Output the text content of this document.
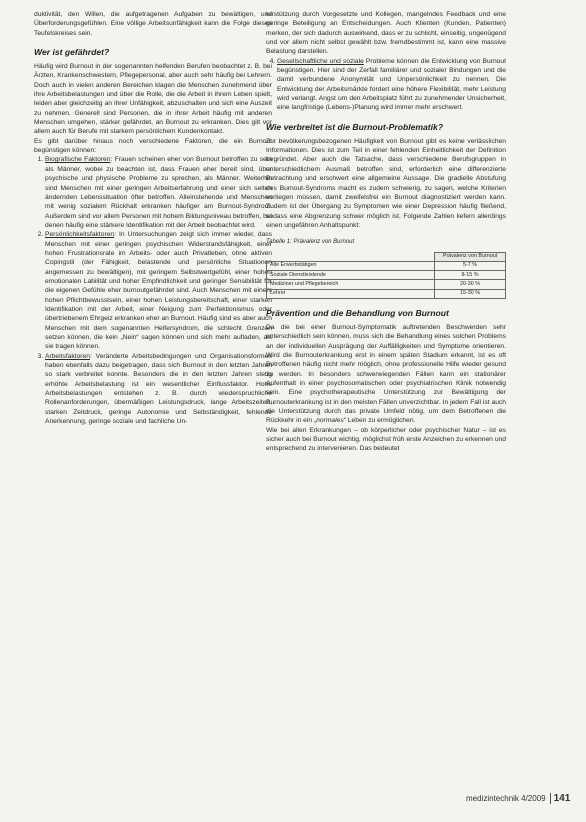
duktivität, den Willen, die aufgetragenen Aufgaben zu bewältigen, und Überforderungsgefühlen. Eine völlige Arbeitsunfähigkeit kann die Folge dieses Teufelskreises sein.

Wer ist gefährdet?

Häufig wird Burnout in der sogenannten helfenden Berufen beobachtet z. B. bei Ärzten, Krankenschwestern, Pflegepersonal, aber auch sehr häufig bei Lehrern. Doch auch in vielen anderen Bereichen klagen die Menschen zunehmend über ihre Arbeitsbelastungen und über die Rolle, die die Arbeit in ihrem Leben spielt, leiden aber gleichzeitig an ihrer Unfähigkeit, abzuschalten und sich eine Auszeit zu nehmen. Generell sind Personen, die in ihrer Arbeit häufig mit anderen Menschen umgehen, stärker gefährdet, an Burnout zu erkranken. Dies gilt vor allem auch für Berufe mit starkem persönlichem Kundenkontakt.

Es gibt darüber hinaus noch verschiedene Faktoren, die ein Burnout begünstigen können:

1. Biografische Faktoren: Frauen scheinen eher von Burnout betroffen zu sein als Männer, wobei zu beachten ist, dass Frauen eher bereit sind, über psychische und physische Probleme zu sprechen, als Männer. Weiterhin sind Menschen mit einer geringen Arbeitserfahrung und einer sich selten ändernden Lebenssituation öfter betroffen. Alleinstehende und Menschen mit wenig sozialem Rückhalt erkranken häufiger am Burnout-Syndrom. Außerdem sind vor allem Personen mit hohem Bildungsniveau betroffen, bei denen häufig eine stärkere Identifikation mit der Arbeit beobachtet wird.
2. Persönlichkeitsfaktoren: In Untersuchungen zeigt sich immer wieder, dass Menschen mit einer geringen psychischen Widerstandsfähigkeit, einer hohen Frustrationsrate im Arbeits- oder auch Privatleben, ohne aktiven Copingstil (der Fähigkeit, belastende und persönliche Situationen angemessen zu bewältigen), mit geringem Selbstwertgefühl, einer hohen emotionalen Labilität und hoher Empfindlichkeit und geringer Sensibilität für die eigenen Gefühle eher burnoutgefährdet sind. Auch Menschen mit einem hohen Pflichtbewusstsein, einer hohen Leistungsbereitschaft, einer starken Identifikation mit der Arbeit, einer Neigung zum Perfektionismus oder übertriebenem Ehrgeiz erkranken eher an Burnout. Häufig sind es aber auch Menschen mit dem sogenannten Helfersyndrom, die schlecht Grenzen setzen können, die kein „Nein“ sagen können und sich mehr aufladen, als sie tragen können.
3. Arbeitsfaktoren: Veränderte Arbeitsbedingungen und Organisationsformen haben ebenfalls dazu beigetragen, dass sich Burnout in den letzten Jahren so stark verbreitet konnte. Besonders die in den letzten Jahren stetig erhöhte Arbeitsbelastung ist ein wesentlicher Einflussfaktor. Hohe Arbeitsbelastungen entstehen z. B. durch wiederspruchliche Rollenanforderungen, übermäßigen Leistungsdruck, lange Arbeitszeiten, starken Zeitdruck, geringe Autonomie und Selbständigkeit, fehlende Anerkennung, geringe soziale und fachliche Un-

terstützung durch Vorgesetzte und Kollegen, mangelndes Feedback und eine geringe Beteiligung an Entscheidungen. Auch Klienten (Kunden, Patienten) merken, der sich dadurch auswirkend, dass er zu schlicht, einseitig, ungenügend und vor allem nicht selbst gewählt bzw. fremdbestimmt ist, kann eine massive Belastung darstellen.

4. Gesellschaftliche und soziale Probleme können die Entwicklung von Burnout begünstigen. Hier sind der Zerfall familiärer und sozialer Bindungen und die damit verbundene Anonymität und Unpersönlichkeit zu nennen. Die Entwicklung der Arbeitsmärkte fordert eine höhere Flexibilität, mehr Leistung wird verlangt. Angst um den Arbeitsplatz führt zu zunehmender Unsicherheit, eine langfristige (Lebens-)Planung wird immer mehr erschwert.
Wie verbreitet ist die Burnout-Problematik?

Zur bevölkerungsbezogenen Häufigkeit von Burnout gibt es keine verlässlichen Informationen. Dies ist zum Teil in einer fehlenden Einheitlichkeit der Definition begründet. Aber auch die Tatsache, dass verschiedene Berufsgruppen in unterschiedlichem Ausmaß betroffen sind, erforderlich eine differenzierte Betrachtung und erschwert eine allgemeine Aussage. Die gradielle Abstufung des Burnout-Syndroms macht es zudem schwierig, zu sagen, welche Kriterien vorliegen müssen, damit zweifelsfrei ein Burnout diagnostiziert werden kann. Zudem ist der Übergang zu Symptomen wie einer Depression häufig fließend, sodass eine Abgrenzung schwer möglich ist. Folgende Zahlen liefern allerdings einen ungefähren Anhaltspunkt:

Tabelle 1: Prävalenz von Burnout
	Prävalenz von Burnout
Alle Erwerbstätigen	5-7 %
Soziale Dienstleistende	8-15 %
Mediziner und Pflegebereich	20-30 %
Lehrer	15-30 %
Prävention und die Behandlung von Burnout

Da die bei einer Burnout-Symptomatik auftretenden Beschwerden sehr unterschiedlich sein können, muss sich die Behandlung eines solchen Problems an der individuellen Ausprägung der Auffälligkeiten und Symptome orientieren. Wird die Burnouterkrankung erst in einem späten Stadium erkannt, ist es oft Betroffenen häufig nicht mehr möglich, ohne professionelle Hilfe wieder gesund zu werden. In besonders schwerwiegenden Fällen kann ein stationärer Aufenthalt in einer psychosomatischen oder psychiatrischen Klinik notwendig sein. Eine psychotherapeutische Unterstützung zur Bewältigung der Burnouterkrankung ist in den meisten Fällen unverzichtbar. In jedem Fall ist auch die Unterstützung durch das private Umfeld nötig, um dem Betroffenen die Rückkehr in ein „normales“ Leben zu ermöglichen.

Wie bei allen Erkrankungen – ob körperlicher oder psychischer Natur – ist es sicher auch bei Burnout wichtig, möglichst früh erste Anzeichen zu erkennen und entsprechend zu intervenieren. Das bedeutet

medizintechnik 4/2009 141
